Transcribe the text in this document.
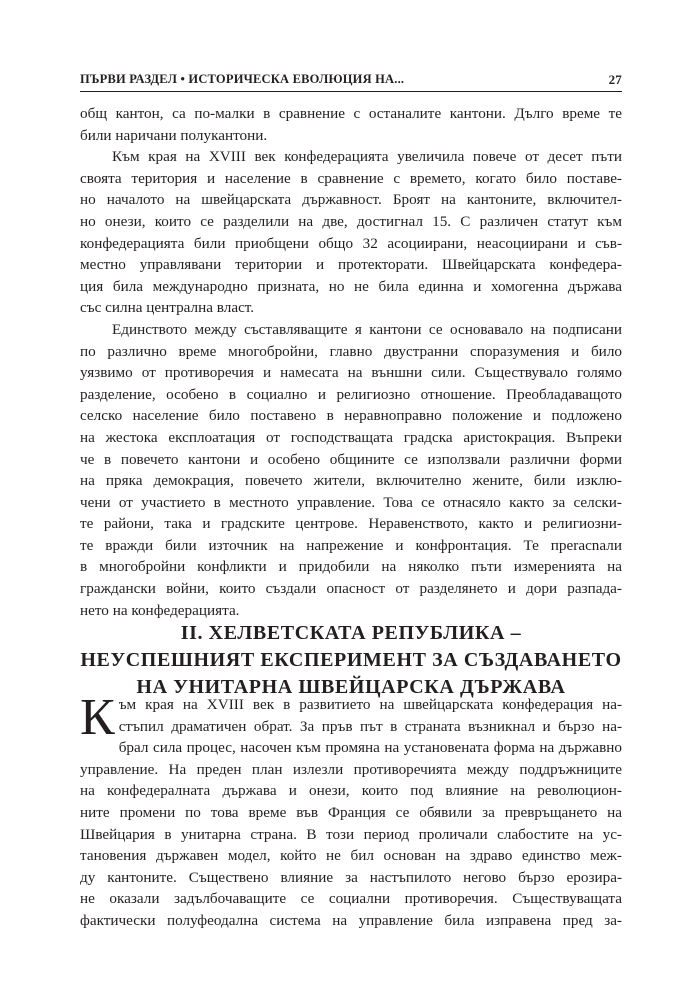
ПЪРВИ РАЗДЕЛ • ИСТОРИЧЕСКА ЕВОЛЮЦИЯ НА...	27
общ кантон, са по-малки в сравнение с останалите кантони. Дълго време те
били наричани полукантони.
Към края на XVIII век конфедерацията увеличила повече от десет пъти
своята територия и население в сравнение с времето, когато било поставе-
но началото на швейцарската държавност. Броят на кантоните, включител-
но онези, които се разделили на две, достигнал 15. С различен статут към
конфедерацията били приобщени общо 32 асоциирани, неасоциирани и съв-
местно управлявани територии и протекторати. Швейцарската конфедера-
ция била международно призната, но не била единна и хомогенна държава
със силна централна власт.
Единството между съставляващите я кантони се основавало на подписани
по различно време многобройни, главно двустранни споразумения и било
уязвимо от противоречия и намесата на външни сили. Съществувало голямо
разделение, особено в социално и религиозно отношение. Преобладаващото
селско население било поставено в неравноправно положение и подложено
на жестока експлоатация от господстващата градска аристокрация. Въпреки
че в повечето кантони и особено общините се използвали различни форми
на пряка демокрация, повечето жители, включително жените, били изклю-
чени от участието в местното управление. Това се отнасяло както за селски-
те райони, така и градските центрове. Неравенството, както и религиозни-
те вражди били източник на напрежение и конфронтация. Те преraсnали
в многобройни конфликти и придобили на няколко пъти измеренията на
граждански войни, които създали опасност от разделянето и дори разпада-
нето на конфедерацията.
II. ХЕЛВЕТСКАТА РЕПУБЛИКА –
НЕУСПЕШНИЯТ ЕКСПЕРИМЕНТ ЗА СЪЗДАВАНЕТО
НА УНИТАРНА ШВЕЙЦАРСКА ДЪРЖАВА
К ъм края на XVIII век в развитието на швейцарската конфедерация на-
стъпил драматичен обрат. За пръв път в страната възникнал и бързо на-
брал сила процес, насочен към промяна на установената форма на държавно
управление. На преден план излезли противоречията между поддръжниците
на конфедералната държава и онези, които под влияние на революцион-
ните промени по това време във Франция се обявили за превръщането на
Швейцария в унитарна страна. В този период проличали слабостите на ус-
тановения държавен модел, който не бил основан на здраво единство меж-
ду кантоните. Съществено влияние за настъпилото негово бързо ерозира-
не оказали задълбочаващите се социални противоречия. Съществуващата
фактически полуфеодална система на управление била изправена пред за-
